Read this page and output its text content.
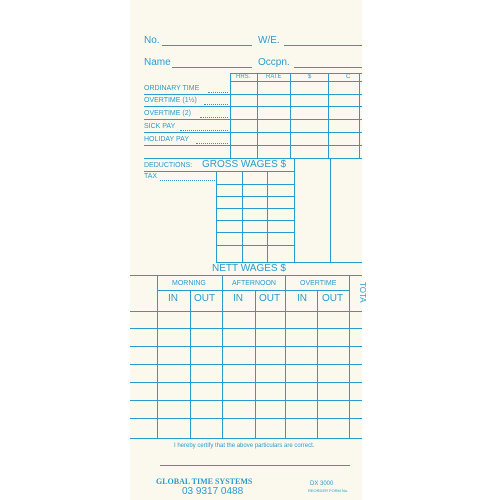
No.	W/E.
Name	Occpn.
HRS.	RATE	$	C
ORDINARY TIME
OVERTIME (1½)
OVERTIME (2)
SICK PAY
HOLIDAY PAY
DEDUCTIONS: GROSS WAGES $
TAX
NETT WAGES $
MORNING	AFTERNOON	OVERTIME
IN OUT IN OUT IN OUT TOTA
I hereby certify that the above particulars are correct.
GLOBAL TIME SYSTEMS
03 9317 0488
DX 3000
REORDER FORM No.
